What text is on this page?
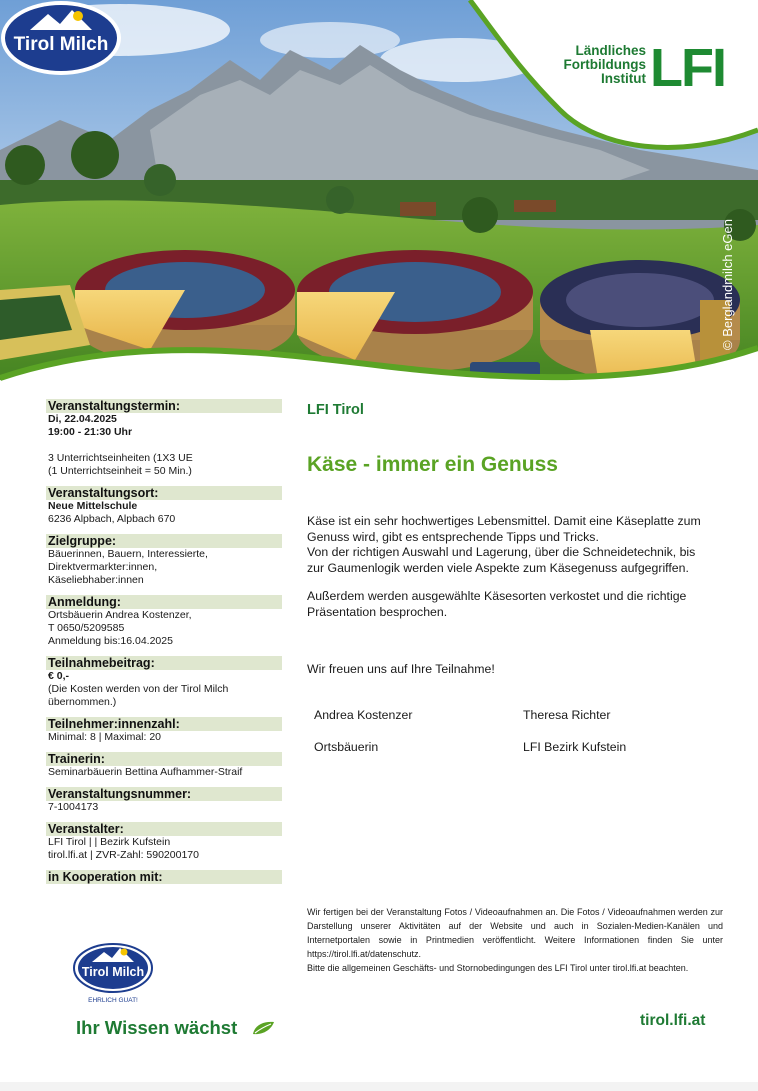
Tirol Milch	Ländliches
Fortbildungs
Institut LFI
© Berglandmilch eGen
Veranstaltungstermin:
Di, 22.04.2025
19:00 - 21:30 Uhr
3 Unterrichtseinheiten (1X3 UE
(1 Unterrichtseinheit = 50 Min.)
Veranstaltungsort:
Neue Mittelschule
6236 Alpbach, Alpbach 670
Zielgruppe:
Bäuerinnen, Bauern, Interessierte,
Direktvermarkter:innen,
Käseliebhaber:innen
Anmeldung:
Ortsbäuerin Andrea Kostenzer,
T 0650/5209585
Anmeldung bis:16.04.2025
Teilnahmebeitrag:
€ 0,-
(Die Kosten werden von der Tirol Milch
übernommen.)
Teilnehmer:innenzahl:
Minimal: 8 | Maximal: 20
Trainerin:
Seminarbäuerin Bettina Aufhammer-Straif
Veranstaltungsnummer:
7-1004173
Veranstalter:
LFI Tirol | | Bezirk Kufstein
tirol.lfi.at | ZVR-Zahl: 590200170
in Kooperation mit:
Tirol Milch
EHRLICH GUAT!
Ihr Wissen wächst
LFI Tirol
Käse - immer ein Genuss
Käse ist ein sehr hochwertiges Lebensmittel. Damit eine Käseplatte zum
Genuss wird, gibt es entsprechende Tipps und Tricks.
Von der richtigen Auswahl und Lagerung, über die Schneidetechnik, bis
zur Gaumenlogik werden viele Aspekte zum Käsegenuss aufgegriffen.
Außerdem werden ausgewählte Käsesorten verkostet und die richtige
Präsentation besprochen.
Wir freuen uns auf Ihre Teilnahme!
Andrea Kostenzer
Ortsbäuerin
Theresa Richter
LFI Bezirk Kufstein
Wir fertigen bei der Veranstaltung Fotos / Videoaufnahmen an. Die Fotos / Videoaufnahmen werden zur Darstellung unserer Aktivitäten auf der Website und auch in Sozialen-Medien-Kanälen und Internetportalen sowie in Printmedien veröffentlicht. Weitere Informationen finden Sie unter https://tirol.lfi.at/datenschutz.
Bitte die allgemeinen Geschäfts- und Stornobedingungen des LFI Tirol unter tirol.lfi.at beachten.
tirol.lfi.at
